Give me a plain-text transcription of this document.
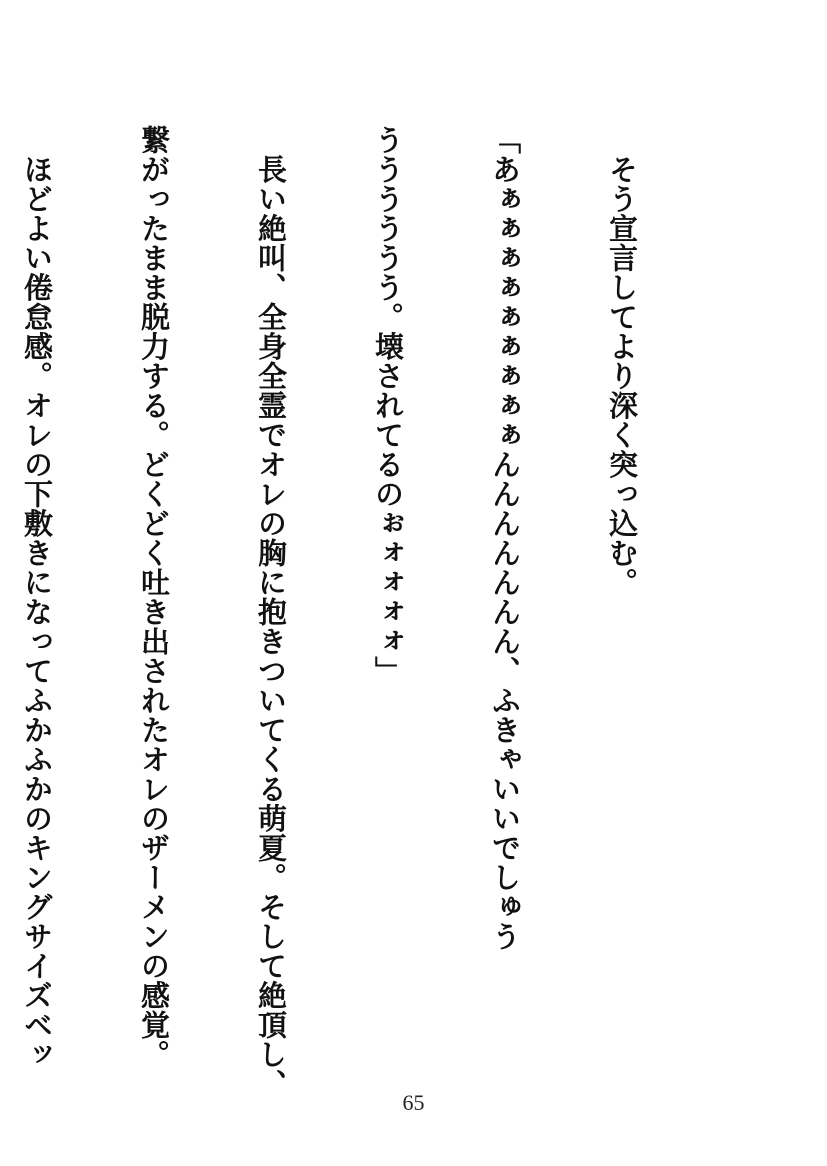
　そう宣言してより深く突っ込む。

「あぁぁぁぁぁぁぁぁぁんんんんんんん、ふきゃいいでしゅう

うううううう。壊されてるのぉォォォォ」

　長い絶叫、全身全霊でオレの胸に抱きついてくる萌夏。そして絶頂し、

繋がったまま脱力する。どくどく吐き出されたオレのザーメンの感覚。

　ほどよい倦怠感。オレの下敷きになってふかふかのキングサイズベッ

65
